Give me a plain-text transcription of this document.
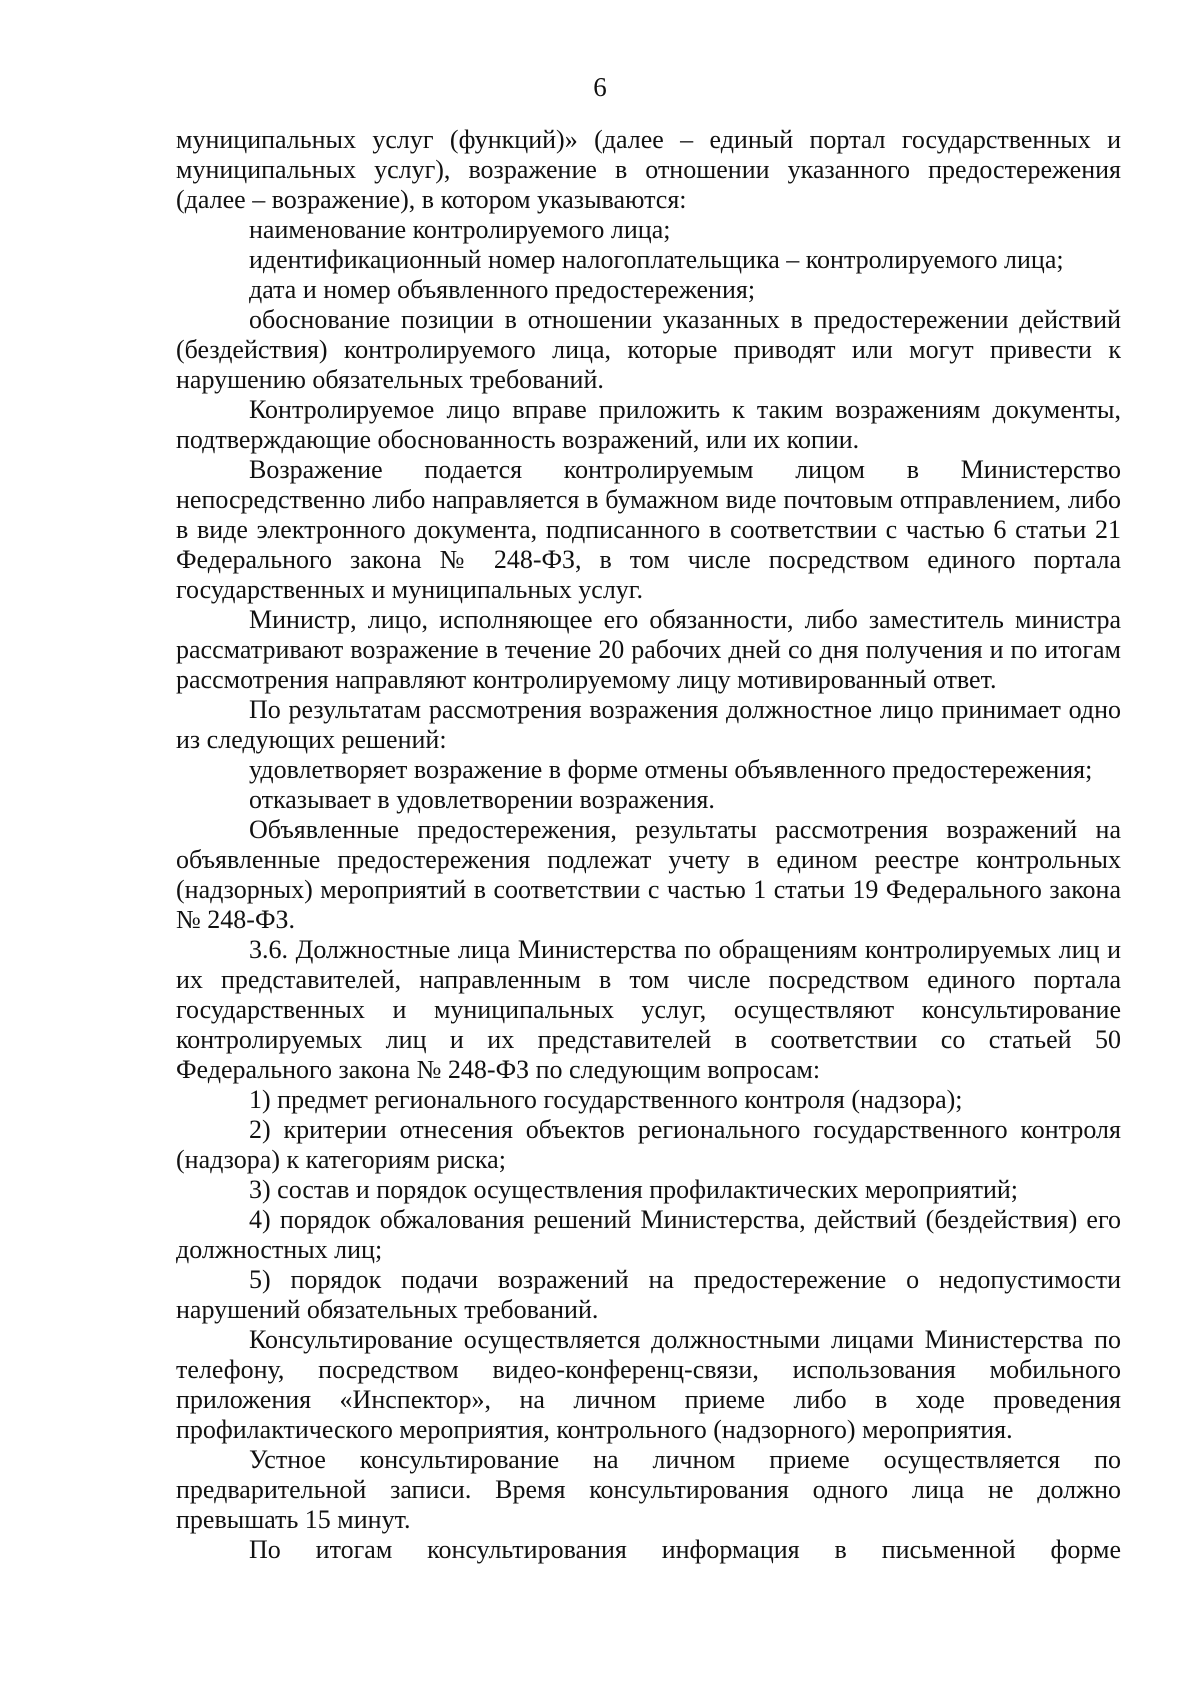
6

муниципальных услуг (функций)» (далее – единый портал государственных и муниципальных услуг), возражение в отношении указанного предостережения (далее – возражение), в котором указываются:

наименование контролируемого лица;

идентификационный номер налогоплательщика – контролируемого лица;

дата и номер объявленного предостережения;

обоснование позиции в отношении указанных в предостережении действий (бездействия) контролируемого лица, которые приводят или могут привести к нарушению обязательных требований.

Контролируемое лицо вправе приложить к таким возражениям документы, подтверждающие обоснованность возражений, или их копии.

Возражение подается контролируемым лицом в Министерство непосредственно либо направляется в бумажном виде почтовым отправлением, либо в виде электронного документа, подписанного в соответствии с частью 6 статьи 21 Федерального закона № 248-ФЗ, в том числе посредством единого портала государственных и муниципальных услуг.

Министр, лицо, исполняющее его обязанности, либо заместитель министра рассматривают возражение в течение 20 рабочих дней со дня получения и по итогам рассмотрения направляют контролируемому лицу мотивированный ответ.

По результатам рассмотрения возражения должностное лицо принимает одно из следующих решений:

удовлетворяет возражение в форме отмены объявленного предостережения;

отказывает в удовлетворении возражения.

Объявленные предостережения, результаты рассмотрения возражений на объявленные предостережения подлежат учету в едином реестре контрольных (надзорных) мероприятий в соответствии с частью 1 статьи 19 Федерального закона № 248-ФЗ.

3.6. Должностные лица Министерства по обращениям контролируемых лиц и их представителей, направленным в том числе посредством единого портала государственных и муниципальных услуг, осуществляют консультирование контролируемых лиц и их представителей в соответствии со статьей 50 Федерального закона № 248-ФЗ по следующим вопросам:

1) предмет регионального государственного контроля (надзора);

2) критерии отнесения объектов регионального государственного контроля (надзора) к категориям риска;

3) состав и порядок осуществления профилактических мероприятий;

4) порядок обжалования решений Министерства, действий (бездействия) его должностных лиц;

5) порядок подачи возражений на предостережение о недопустимости нарушений обязательных требований.

Консультирование осуществляется должностными лицами Министерства по телефону, посредством видео-конференц-связи, использования мобильного приложения «Инспектор», на личном приеме либо в ходе проведения профилактического мероприятия, контрольного (надзорного) мероприятия.

Устное консультирование на личном приеме осуществляется по предварительной записи. Время консультирования одного лица не должно превышать 15 минут.

По итогам консультирования информация в письменной форме
